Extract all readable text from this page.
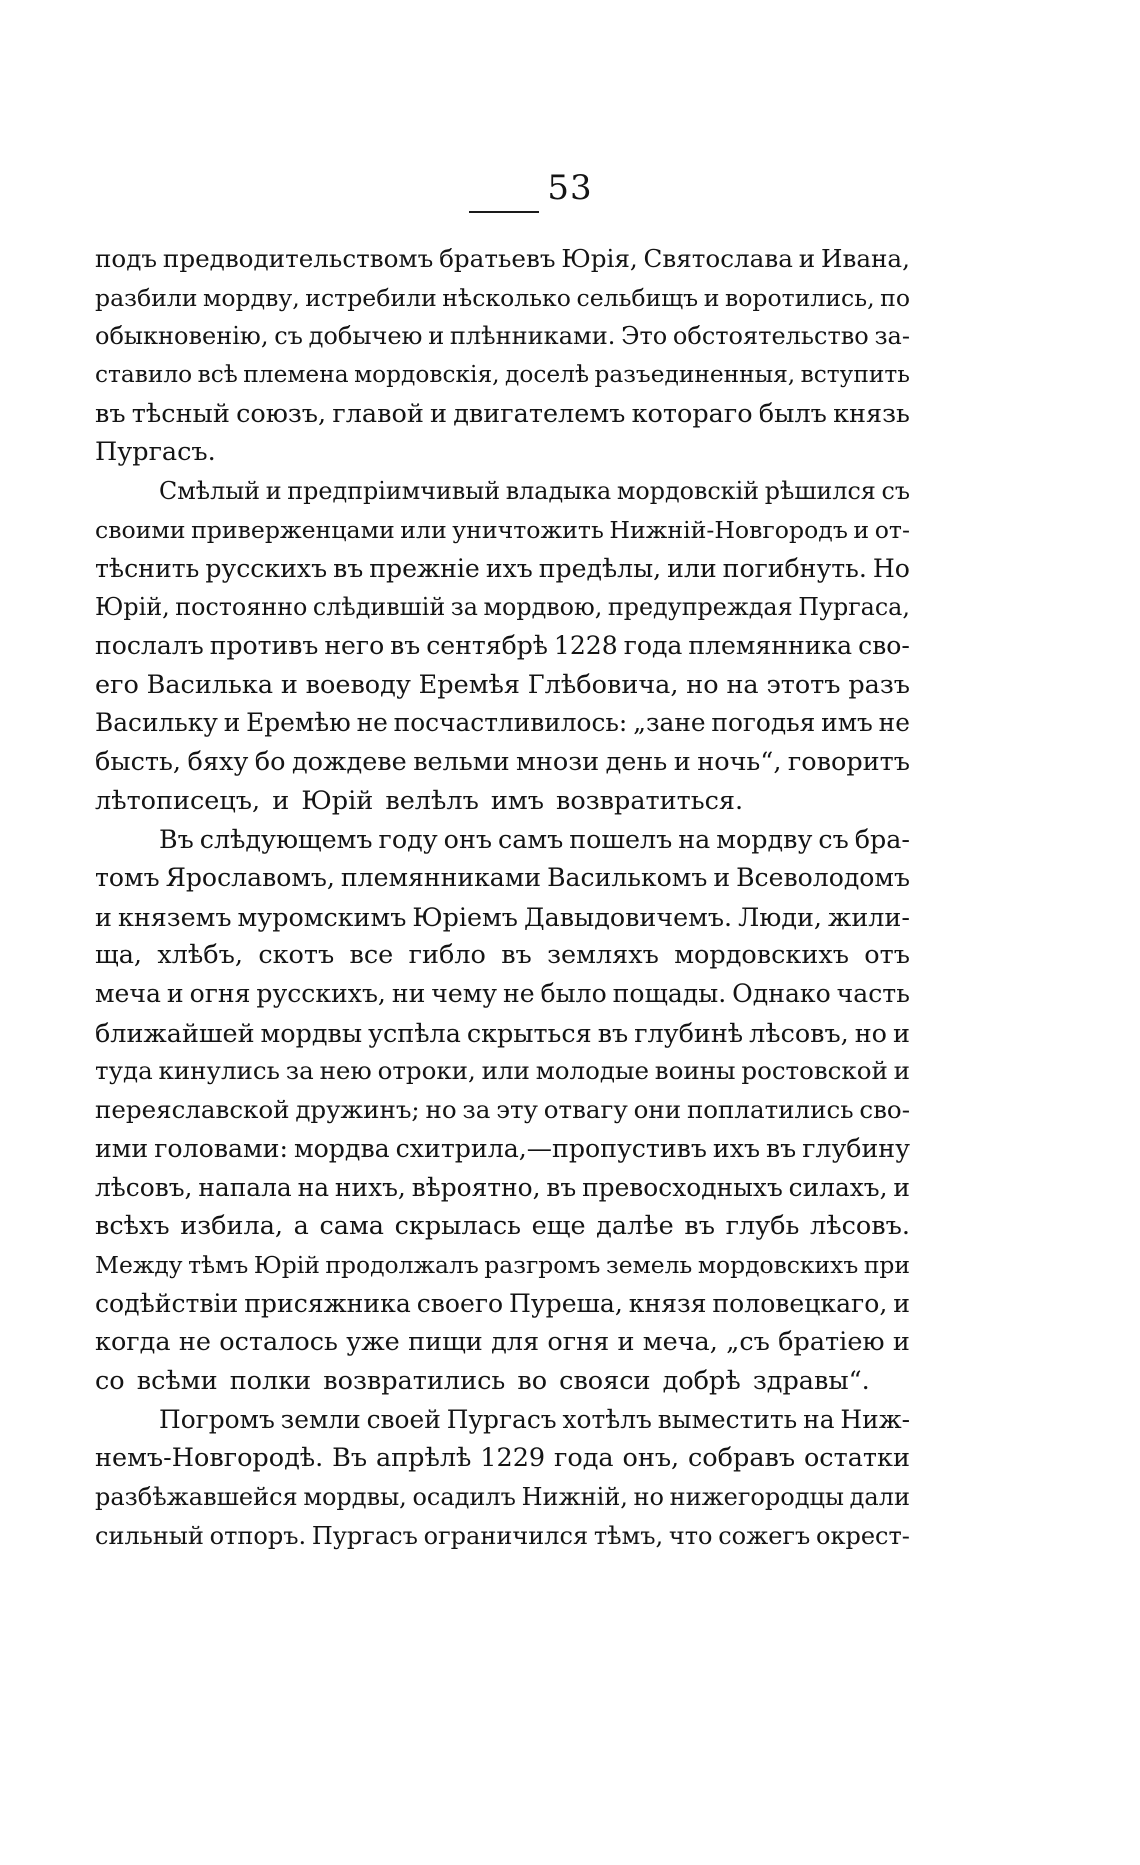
53
подъ предводительствомъ братьевъ Юрія, Святослава и Ивана,
разбили мордву, истребили нѣсколько сельбищъ и воротились, по
обыкновенію, съ добычею и плѣнниками. Это обстоятельство за-
ставило всѣ племена мордовскія, доселѣ разъединенныя, вступить
въ тѣсный союзъ, главой и двигателемъ котораго былъ князь
Пургасъ.
Смѣлый и предпріимчивый владыка мордовскій рѣшился съ
своими приверженцами или уничтожить Нижній-Новгородъ и от-
тѣснить русскихъ въ прежніе ихъ предѣлы, или погибнуть. Но
Юрій, постоянно слѣдившій за мордвою, предупреждая Пургаса,
послалъ противъ него въ сентябрѣ 1228 года племянника сво-
его Василька и воеводу Еремѣя Глѣбовича, но на этотъ разъ
Васильку и Еремѣю не посчастливилось: „зане погодья имъ не
бысть, бяху бо дождеве вельми мнози день и ночь“, говоритъ
лѣтописецъ, и Юрій велѣлъ имъ возвратиться.
Въ слѣдующемъ году онъ самъ пошелъ на мордву съ бра-
томъ Ярославомъ, племянниками Василькомъ и Всеволодомъ
и княземъ муромскимъ Юріемъ Давыдовичемъ. Люди, жили-
ща, хлѣбъ, скотъ все гибло въ земляхъ мордовскихъ отъ
меча и огня русскихъ, ни чему не было пощады. Однако часть
ближайшей мордвы успѣла скрыться въ глубинѣ лѣсовъ, но и
туда кинулись за нею отроки, или молодые воины ростовской и
переяславской дружинъ; но за эту отвагу они поплатились сво-
ими головами: мордва схитрила,—пропустивъ ихъ въ глубину
лѣсовъ, напала на нихъ, вѣроятно, въ превосходныхъ силахъ, и
всѣхъ избила, а сама скрылась еще далѣе въ глубь лѣсовъ.
Между тѣмъ Юрій продолжалъ разгромъ земель мордовскихъ при
содѣйствіи присяжника своего Пуреша, князя половецкаго, и
когда не осталось уже пищи для огня и меча, „съ братіею и
со всѣми полки возвратились во свояси добрѣ здравы“.
Погромъ земли своей Пургасъ хотѣлъ выместить на Ниж-
немъ-Новгородѣ. Въ апрѣлѣ 1229 года онъ, собравъ остатки
разбѣжавшейся мордвы, осадилъ Нижній, но нижегородцы дали
сильный отпоръ. Пургасъ ограничился тѣмъ, что сожегъ окрест-
